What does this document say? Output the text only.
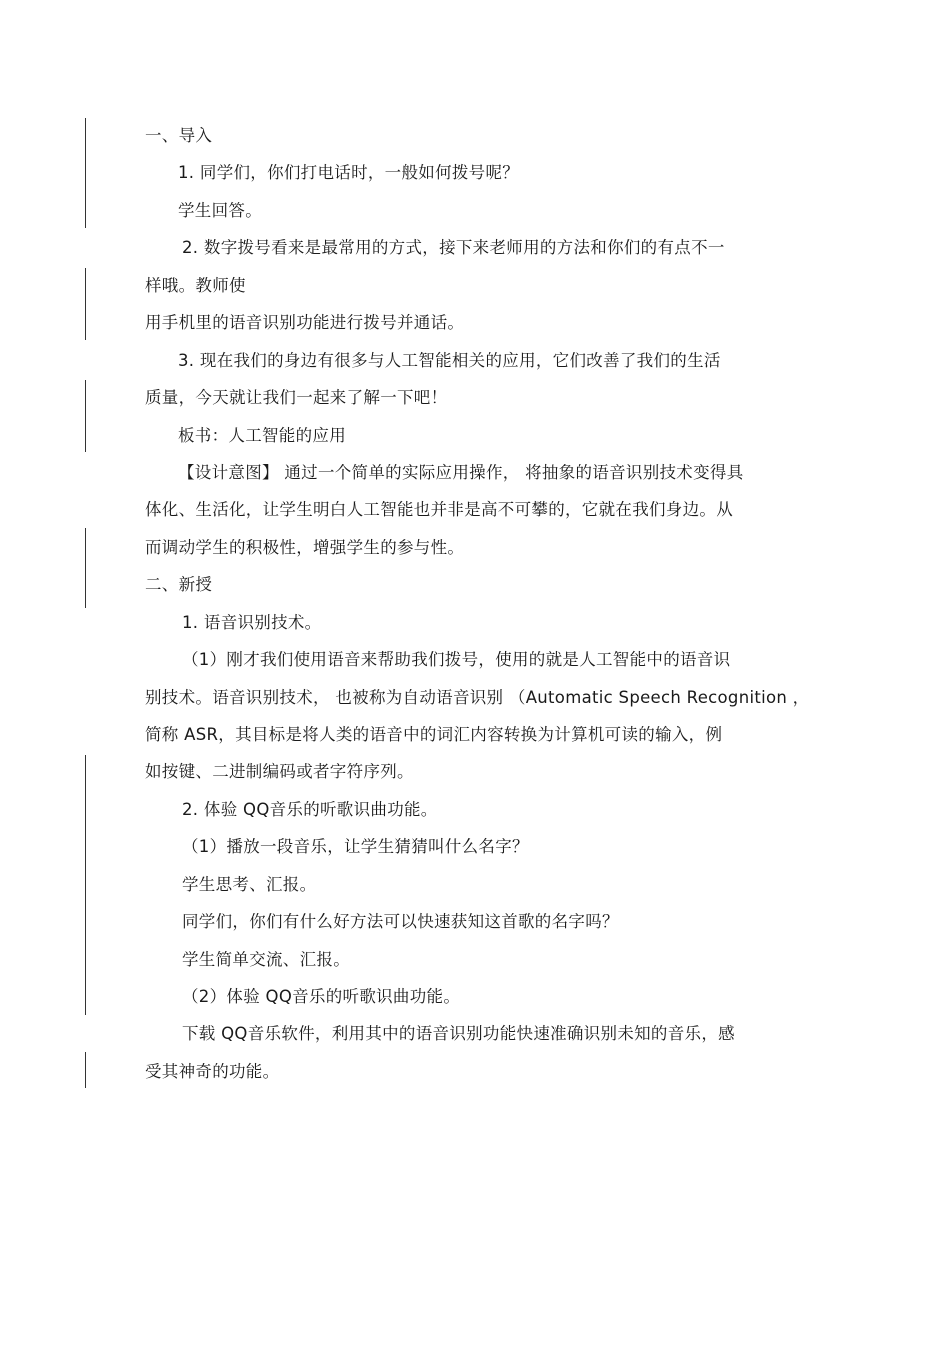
一、导入
1. 同学们，你们打电话时，一般如何拨号呢？
学生回答。
2. 数字拨号看来是最常用的方式，接下来老师用的方法和你们的有点不一
样哦。教师使
用手机里的语音识别功能进行拨号并通话。
3. 现在我们的身边有很多与人工智能相关的应用，它们改善了我们的生活
质量，今天就让我们一起来了解一下吧！
板书：人工智能的应用
【设计意图】 通过一个简单的实际应用操作， 将抽象的语音识别技术变得具
体化、生活化，让学生明白人工智能也并非是高不可攀的，它就在我们身边。从
而调动学生的积极性，增强学生的参与性。
二、新授
1. 语音识别技术。
（1）刚才我们使用语音来帮助我们拨号，使用的就是人工智能中的语音识
别技术。语音识别技术， 也被称为自动语音识别 （Automatic Speech Recognition ，
简称 ASR，其目标是将人类的语音中的词汇内容转换为计算机可读的输入，例
如按键、二进制编码或者字符序列。
2. 体验 QQ音乐的听歌识曲功能。
（1）播放一段音乐，让学生猜猜叫什么名字？
学生思考、汇报。
同学们，你们有什么好方法可以快速获知这首歌的名字吗？
学生简单交流、汇报。
（2）体验 QQ音乐的听歌识曲功能。
下载 QQ音乐软件，利用其中的语音识别功能快速准确识别未知的音乐，感
受其神奇的功能。
